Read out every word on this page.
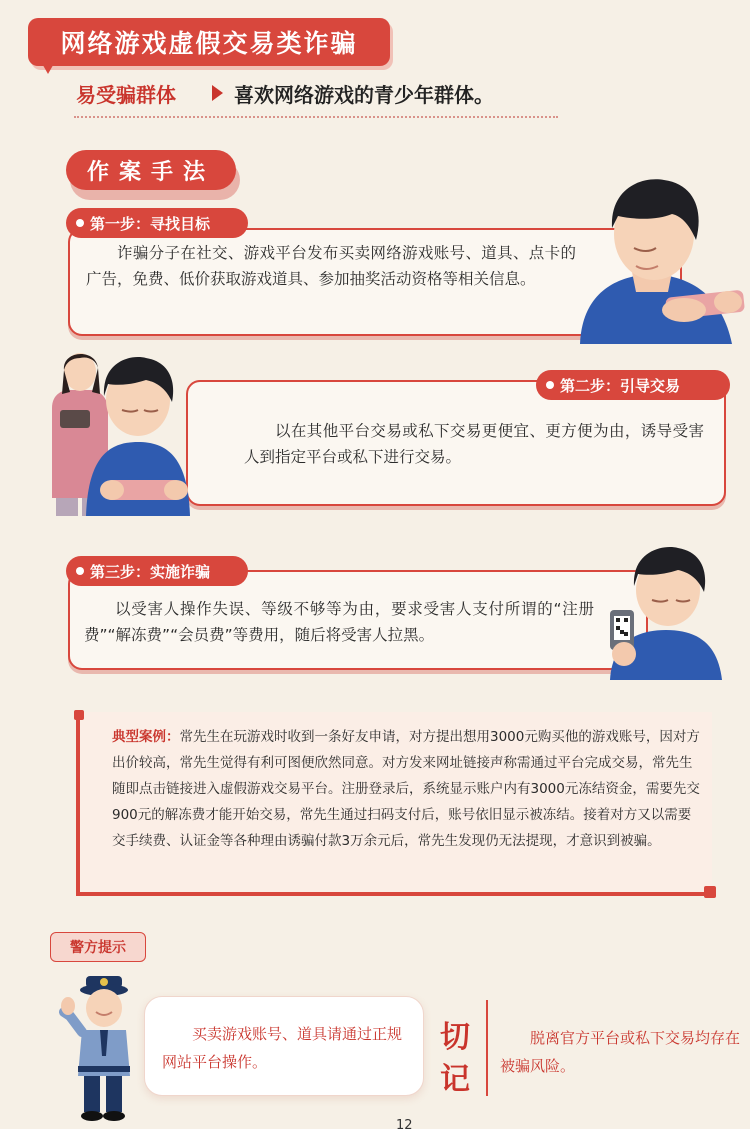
网络游戏虚假交易类诈骗
易受骗群体	喜欢网络游戏的青少年群体。
作案手法
第一步：寻找目标
诈骗分子在社交、游戏平台发布买卖网络游戏账号、道具、点卡的广告，免费、低价获取游戏道具、参加抽奖活动资格等相关信息。
第二步：引导交易
以在其他平台交易或私下交易更便宜、更方便为由，诱导受害人到指定平台或私下进行交易。
第三步：实施诈骗
以受害人操作失误、等级不够等为由，要求受害人支付所谓的“注册费”“解冻费”“会员费”等费用，随后将受害人拉黑。
典型案例：常先生在玩游戏时收到一条好友申请，对方提出想用3000元购买他的游戏账号，因对方出价较高，常先生觉得有利可图便欣然同意。对方发来网址链接声称需通过平台完成交易，常先生随即点击链接进入虚假游戏交易平台。注册登录后，系统显示账户内有3000元冻结资金，需要先交900元的解冻费才能开始交易，常先生通过扫码支付后，账号依旧显示被冻结。接着对方又以需要交手续费、认证金等各种理由诱骗付款3万余元后，常先生发现仍无法提现，才意识到被骗。
警方提示
买卖游戏账号、道具请通过正规网站平台操作。
切
记
脱离官方平台或私下交易均存在被骗风险。
12
